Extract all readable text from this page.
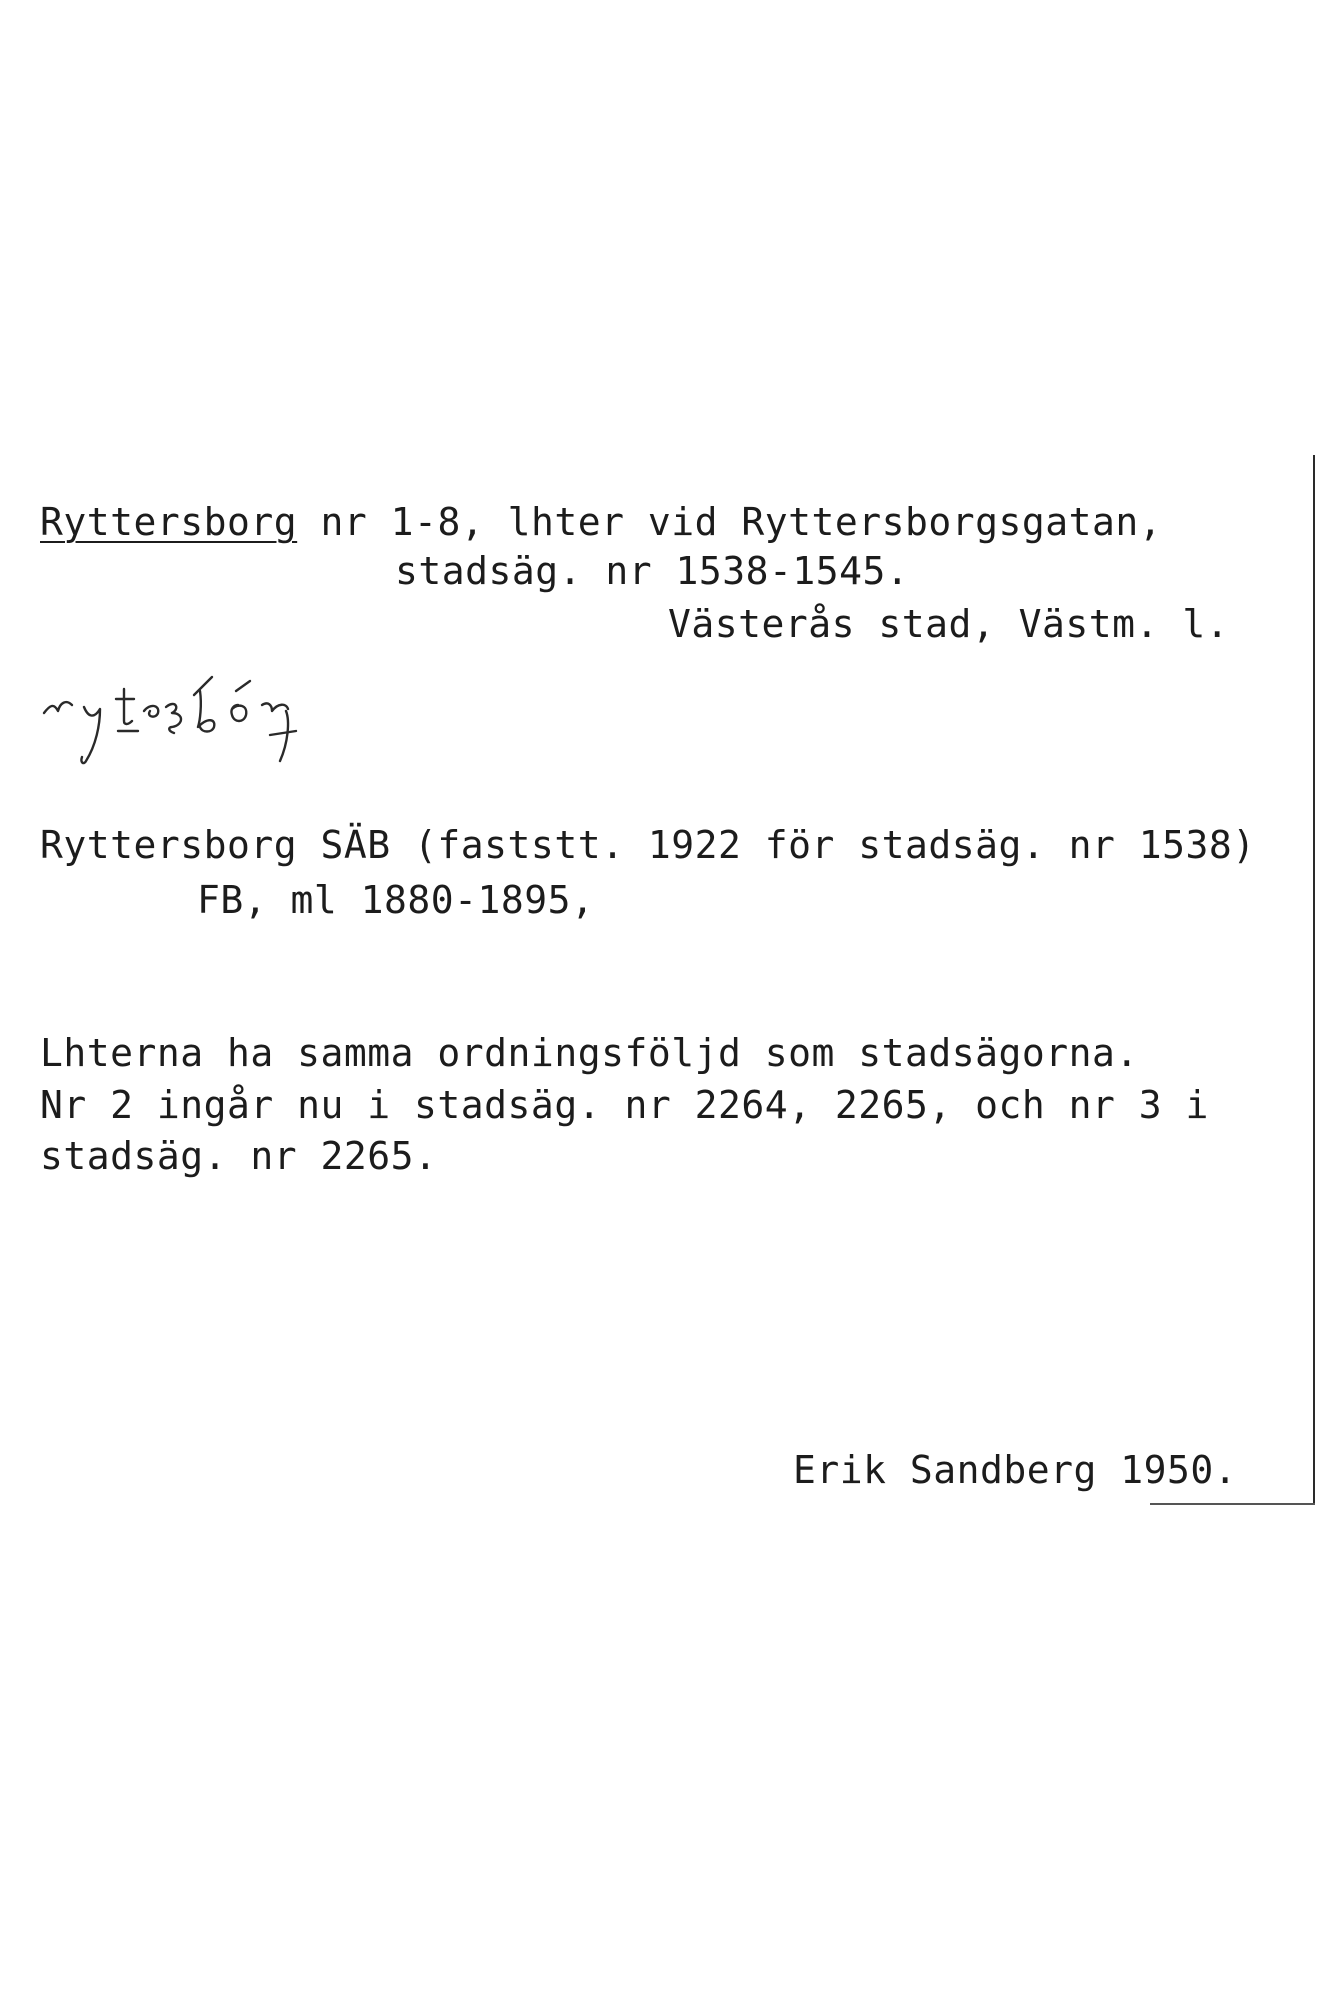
Ryttersborg nr 1-8, lhter vid Ryttersborgsgatan,
stadsäg. nr 1538-1545.
Västerås stad, Västm. l.
Ryttersborg SÄB (faststt. 1922 för stadsäg. nr 1538)
FB, ml 1880-1895,
Lhterna ha samma ordningsföljd som stadsägorna.
Nr 2 ingår nu i stadsäg. nr 2264, 2265, och nr 3 i
stadsäg. nr 2265.
Erik Sandberg 1950.
